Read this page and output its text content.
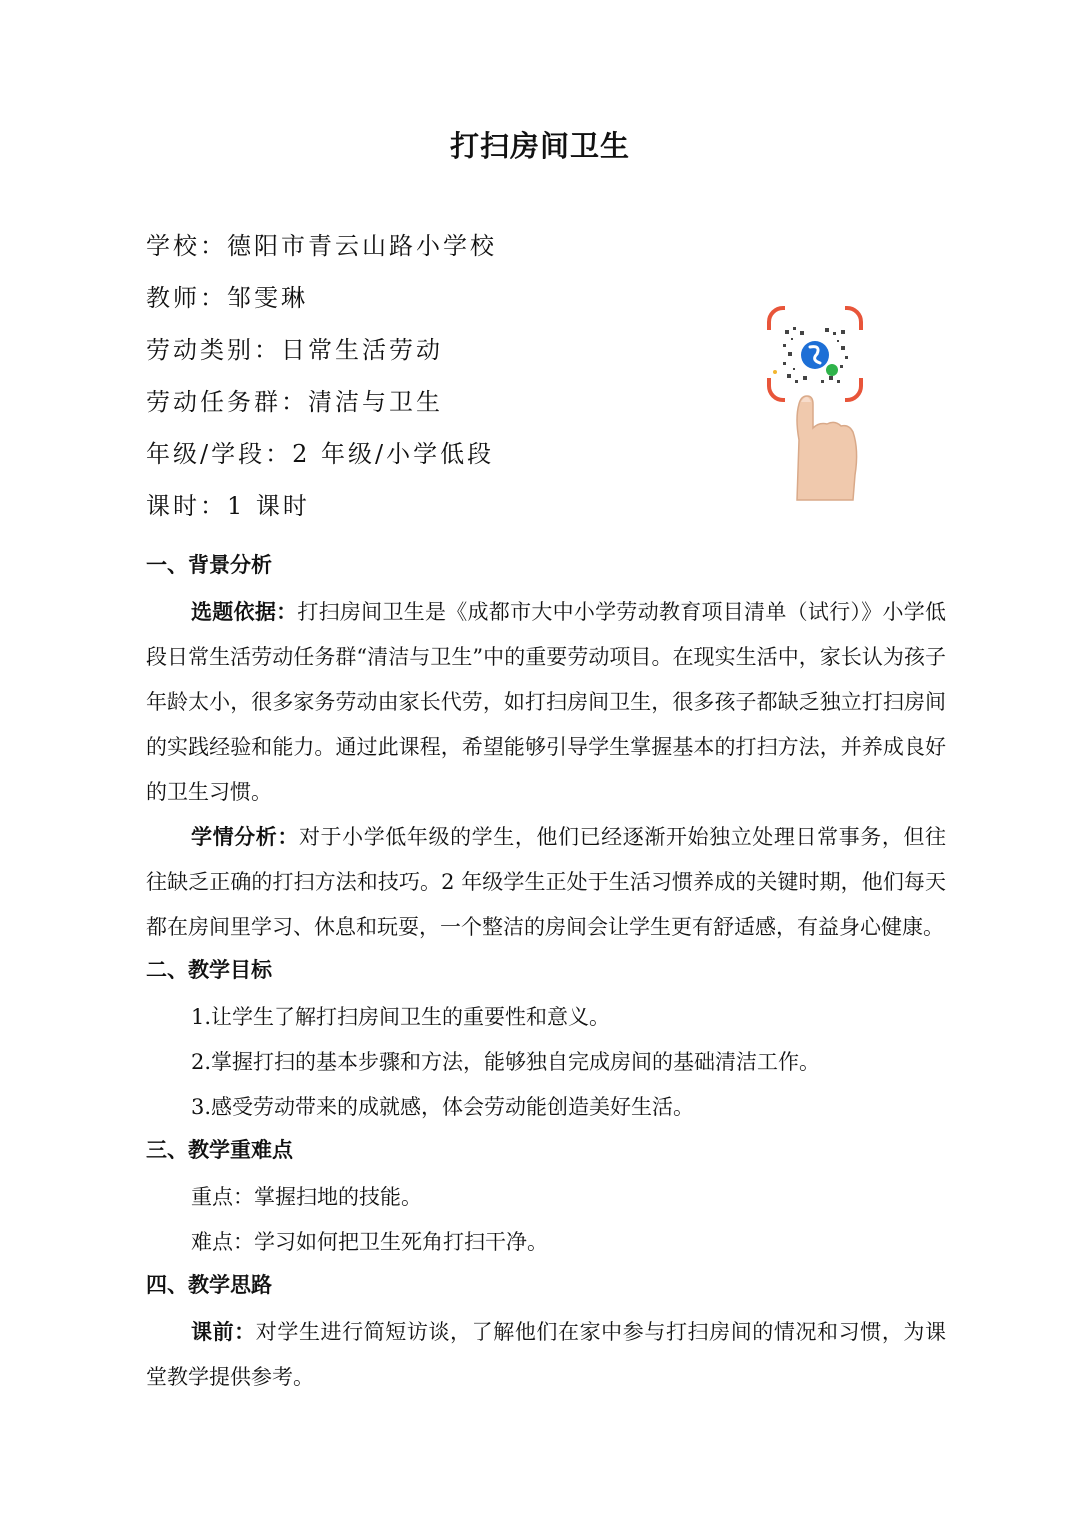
打扫房间卫生
学校：德阳市青云山路小学校
教师：邹雯琳
劳动类别：日常生活劳动
劳动任务群：清洁与卫生
年级/学段：2 年级/小学低段
课时：1 课时
一、背景分析

选题依据：打扫房间卫生是《成都市大中小学劳动教育项目清单（试行）》小学低段日常生活劳动任务群“清洁与卫生”中的重要劳动项目。在现实生活中，家长认为孩子年龄太小，很多家务劳动由家长代劳，如打扫房间卫生，很多孩子都缺乏独立打扫房间的实践经验和能力。通过此课程，希望能够引导学生掌握基本的打扫方法，并养成良好的卫生习惯。

学情分析：对于小学低年级的学生，他们已经逐渐开始独立处理日常事务，但往往缺乏正确的打扫方法和技巧。2 年级学生正处于生活习惯养成的关键时期，他们每天都在房间里学习、休息和玩耍，一个整洁的房间会让学生更有舒适感，有益身心健康。

二、教学目标

1.让学生了解打扫房间卫生的重要性和意义。

2.掌握打扫的基本步骤和方法，能够独自完成房间的基础清洁工作。

3.感受劳动带来的成就感，体会劳动能创造美好生活。

三、教学重难点

重点：掌握扫地的技能。

难点：学习如何把卫生死角打扫干净。

四、教学思路

课前：对学生进行简短访谈，了解他们在家中参与打扫房间的情况和习惯，为课堂教学提供参考。
